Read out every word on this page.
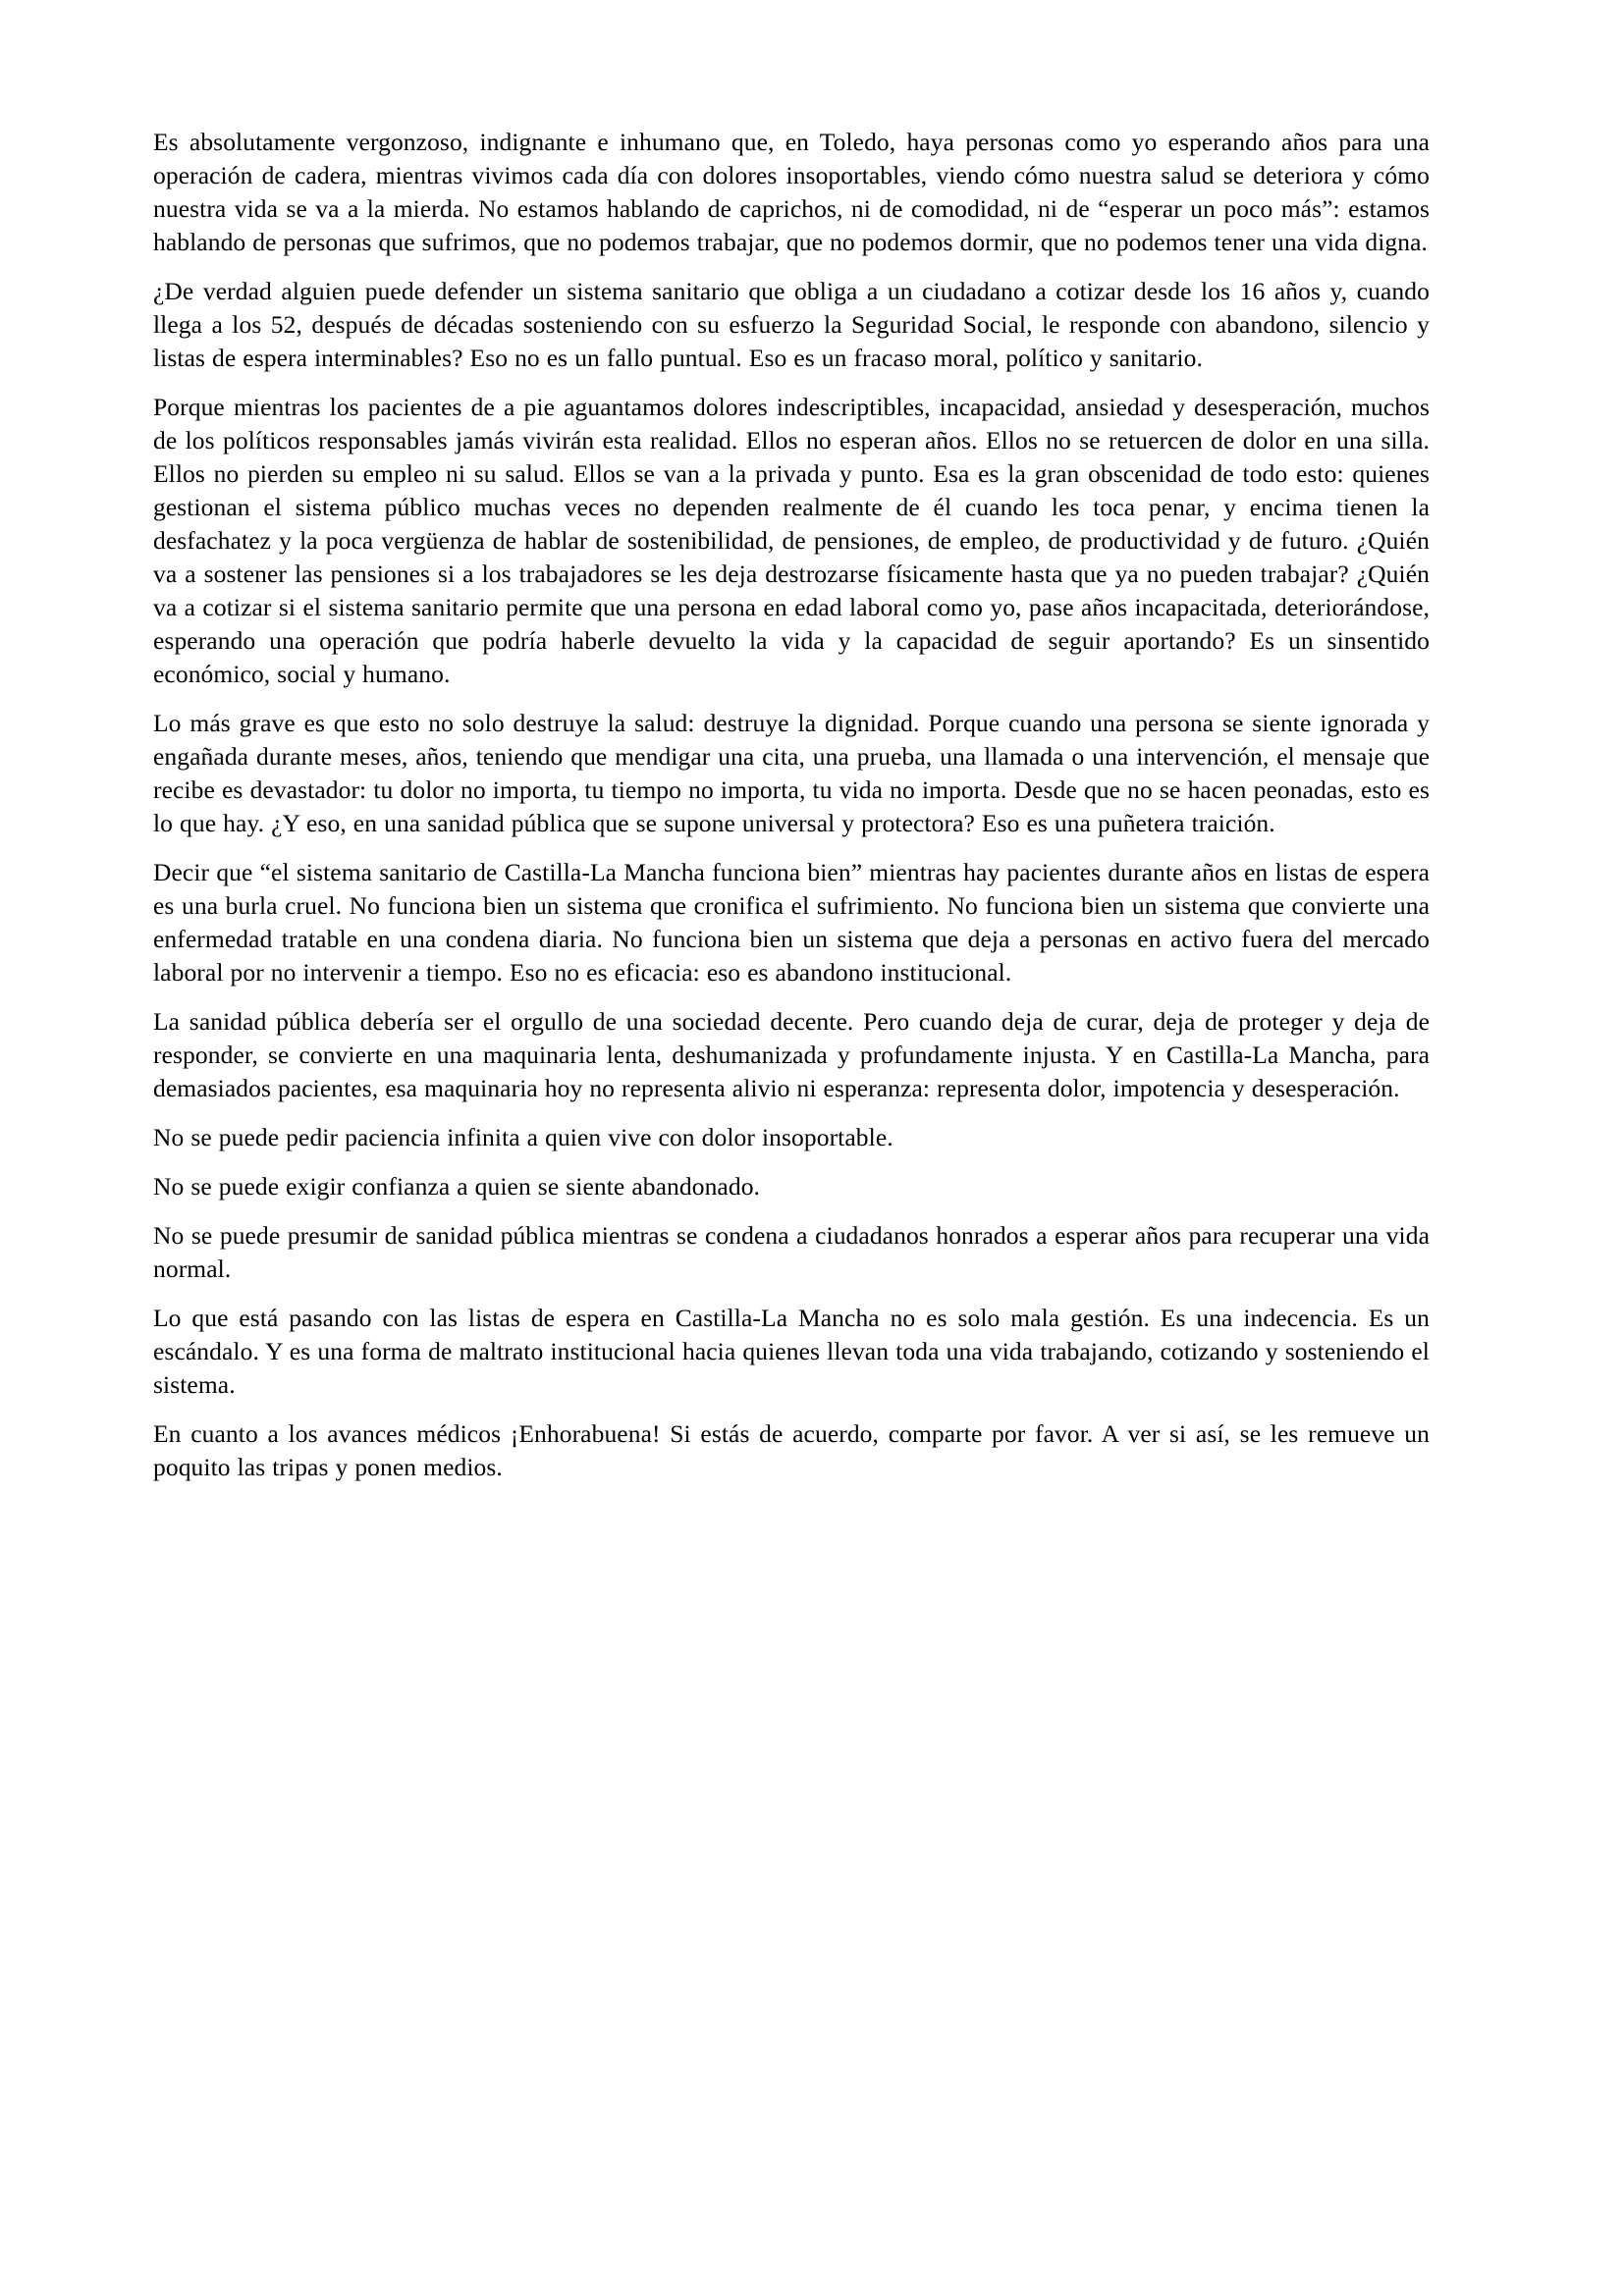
Es absolutamente vergonzoso, indignante e inhumano que, en Toledo, haya personas como yo esperando años para una operación de cadera, mientras vivimos cada día con dolores insoportables, viendo cómo nuestra salud se deteriora y cómo nuestra vida se va a la mierda. No estamos hablando de caprichos, ni de comodidad, ni de “esperar un poco más”: estamos hablando de personas que sufrimos, que no podemos trabajar, que no podemos dormir, que no podemos tener una vida digna.

¿De verdad alguien puede defender un sistema sanitario que obliga a un ciudadano a cotizar desde los 16 años y, cuando llega a los 52, después de décadas sosteniendo con su esfuerzo la Seguridad Social, le responde con abandono, silencio y listas de espera interminables? Eso no es un fallo puntual. Eso es un fracaso moral, político y sanitario.

Porque mientras los pacientes de a pie aguantamos dolores indescriptibles, incapacidad, ansiedad y desesperación, muchos de los políticos responsables jamás vivirán esta realidad. Ellos no esperan años. Ellos no se retuercen de dolor en una silla. Ellos no pierden su empleo ni su salud. Ellos se van a la privada y punto. Esa es la gran obscenidad de todo esto: quienes gestionan el sistema público muchas veces no dependen realmente de él cuando les toca penar, y encima tienen la desfachatez y la poca vergüenza de hablar de sostenibilidad, de pensiones, de empleo, de productividad y de futuro. ¿Quién va a sostener las pensiones si a los trabajadores se les deja destrozarse físicamente hasta que ya no pueden trabajar? ¿Quién va a cotizar si el sistema sanitario permite que una persona en edad laboral como yo, pase años incapacitada, deteriorándose, esperando una operación que podría haberle devuelto la vida y la capacidad de seguir aportando? Es un sinsentido económico, social y humano.

Lo más grave es que esto no solo destruye la salud: destruye la dignidad. Porque cuando una persona se siente ignorada y engañada durante meses, años, teniendo que mendigar una cita, una prueba, una llamada o una intervención, el mensaje que recibe es devastador: tu dolor no importa, tu tiempo no importa, tu vida no importa. Desde que no se hacen peonadas, esto es lo que hay. ¿Y eso, en una sanidad pública que se supone universal y protectora? Eso es una puñetera traición.

Decir que “el sistema sanitario de Castilla-La Mancha funciona bien” mientras hay pacientes durante años en listas de espera es una burla cruel. No funciona bien un sistema que cronifica el sufrimiento. No funciona bien un sistema que convierte una enfermedad tratable en una condena diaria. No funciona bien un sistema que deja a personas en activo fuera del mercado laboral por no intervenir a tiempo. Eso no es eficacia: eso es abandono institucional.

La sanidad pública debería ser el orgullo de una sociedad decente. Pero cuando deja de curar, deja de proteger y deja de responder, se convierte en una maquinaria lenta, deshumanizada y profundamente injusta. Y en Castilla-La Mancha, para demasiados pacientes, esa maquinaria hoy no representa alivio ni esperanza: representa dolor, impotencia y desesperación.

No se puede pedir paciencia infinita a quien vive con dolor insoportable.

No se puede exigir confianza a quien se siente abandonado.

No se puede presumir de sanidad pública mientras se condena a ciudadanos honrados a esperar años para recuperar una vida normal.

Lo que está pasando con las listas de espera en Castilla-La Mancha no es solo mala gestión. Es una indecencia. Es un escándalo. Y es una forma de maltrato institucional hacia quienes llevan toda una vida trabajando, cotizando y sosteniendo el sistema.

En cuanto a los avances médicos ¡Enhorabuena! Si estás de acuerdo, comparte por favor. A ver si así, se les remueve un poquito las tripas y ponen medios.
